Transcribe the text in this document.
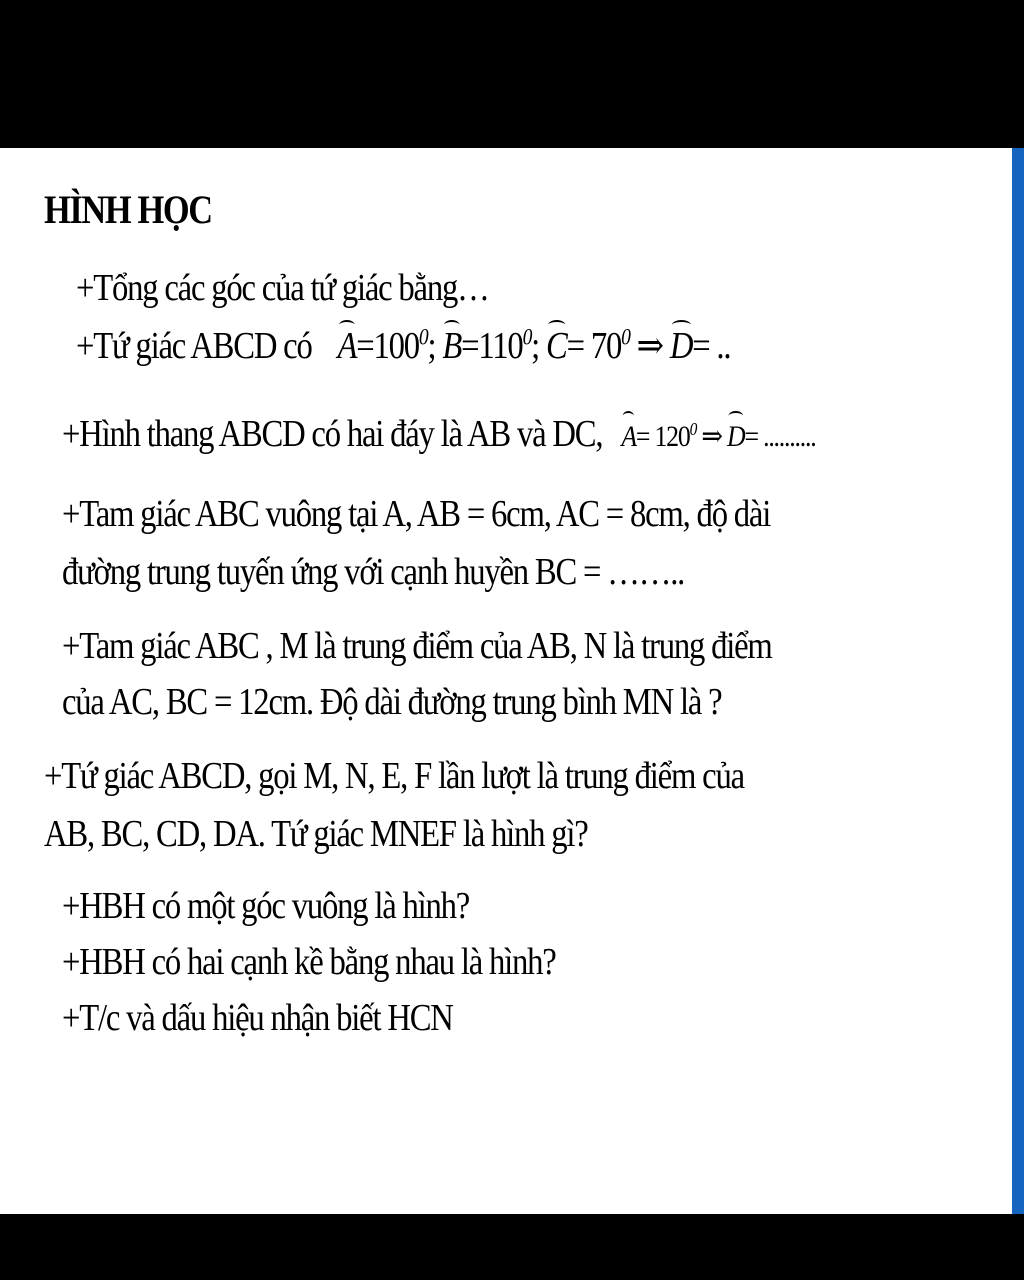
HÌNH HỌC
+Tổng các góc của tứ giác bằng…
+Tứ giác ABCD có $A=100^0$; $B=110^0$; $C= 70^0$ ⇒ D= ..
+Hình thang ABCD có hai đáy là AB và DC, $A= 120^0$ ⇒ D= ..........
+Tam giác ABC vuông tại A, AB = 6cm, AC = 8cm, độ dài
đường trung tuyến ứng với cạnh huyền BC = ……..
+Tam giác ABC , M là trung điểm của AB, N là trung điểm
của AC, BC = 12cm. Độ dài đường trung bình MN là ?
+Tứ giác ABCD, gọi M, N, E, F lần lượt là trung điểm của
AB, BC, CD, DA. Tứ giác MNEF là hình gì?
+HBH có một góc vuông là hình?
+HBH có hai cạnh kề bằng nhau là hình?
+T/c và dấu hiệu nhận biết HCN
